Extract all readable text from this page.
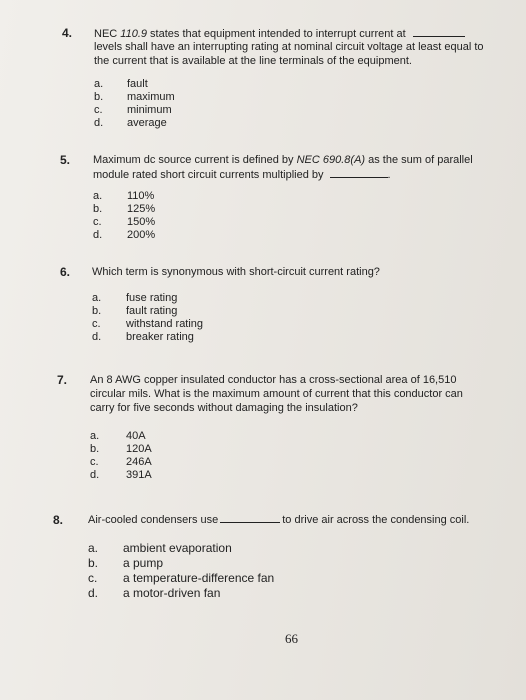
4. NEC 110.9 states that equipment intended to interrupt current at
levels shall have an interrupting rating at nominal circuit voltage at least equal to
the current that is available at the line terminals of the equipment.
a. fault
b. maximum
c. minimum
d. average
5. Maximum dc source current is defined by NEC 690.8(A) as the sum of parallel
module rated short circuit currents multiplied by	.
a. 110%
b. 125%
c. 150%
d. 200%
6. Which term is synonymous with short-circuit current rating?
a. fuse rating
b. fault rating
c. withstand rating
d. breaker rating
7. An 8 AWG copper insulated conductor has a cross-sectional area of 16,510
circular mils. What is the maximum amount of current that this conductor can
carry for five seconds without damaging the insulation?
a. 40A
b. 120A
c. 246A
d. 391A
8. Air-cooled condensers use	to drive air across the condensing coil.
a. ambient evaporation
b. a pump
c. a temperature-difference fan
d. a motor-driven fan
66
